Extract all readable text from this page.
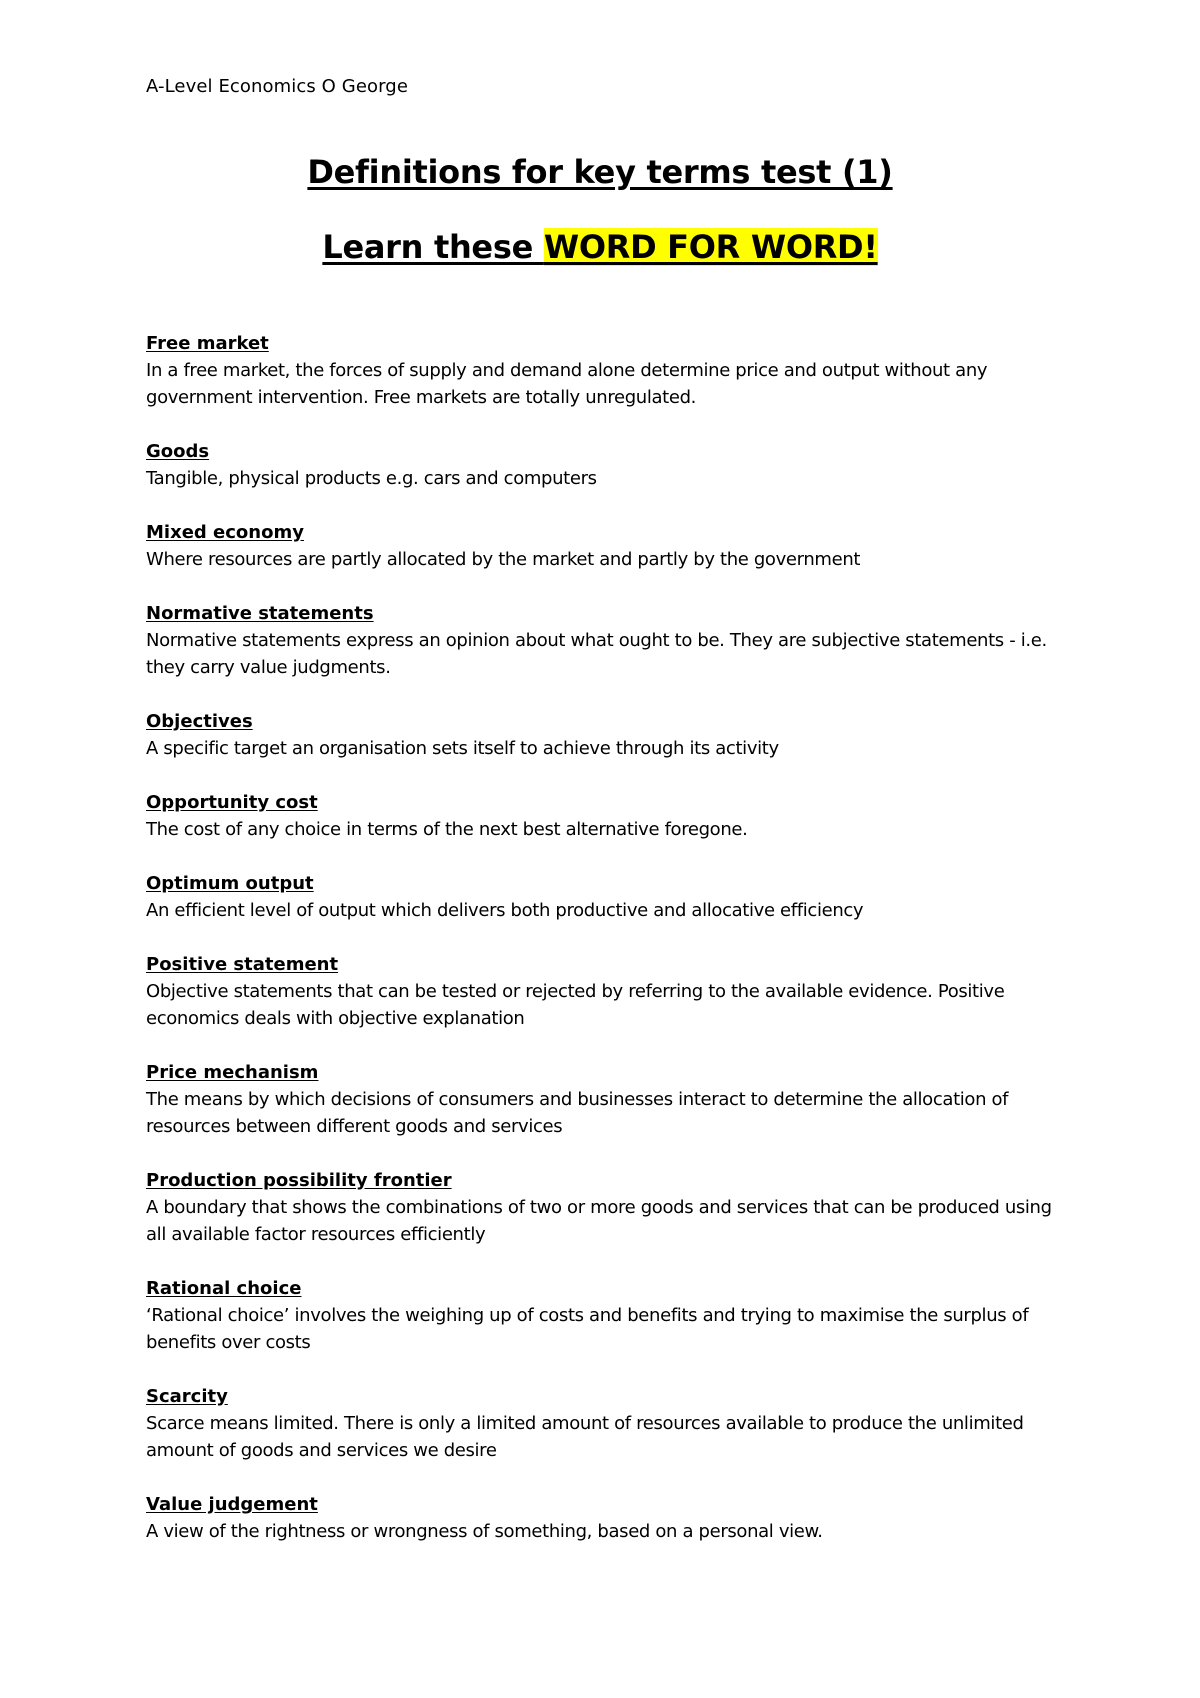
A-Level Economics O George
Definitions for key terms test (1)
Learn these WORD FOR WORD!
Free market
In a free market, the forces of supply and demand alone determine price and output without any government intervention. Free markets are totally unregulated.
Goods
Tangible, physical products e.g. cars and computers
Mixed economy
Where resources are partly allocated by the market and partly by the government
Normative statements
Normative statements express an opinion about what ought to be. They are subjective statements - i.e. they carry value judgments.
Objectives
A specific target an organisation sets itself to achieve through its activity
Opportunity cost
The cost of any choice in terms of the next best alternative foregone.
Optimum output
An efficient level of output which delivers both productive and allocative efficiency
Positive statement
Objective statements that can be tested or rejected by referring to the available evidence. Positive economics deals with objective explanation
Price mechanism
The means by which decisions of consumers and businesses interact to determine the allocation of resources between different goods and services
Production possibility frontier
A boundary that shows the combinations of two or more goods and services that can be produced using all available factor resources efficiently
Rational choice
‘Rational choice’ involves the weighing up of costs and benefits and trying to maximise the surplus of benefits over costs
Scarcity
Scarce means limited. There is only a limited amount of resources available to produce the unlimited amount of goods and services we desire
Value judgement
A view of the rightness or wrongness of something, based on a personal view.
